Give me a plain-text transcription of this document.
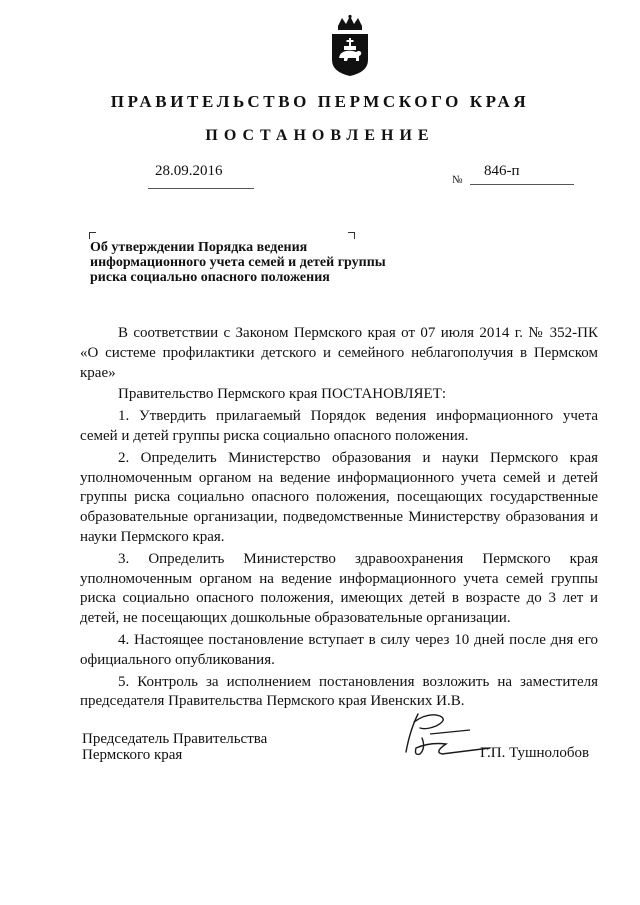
ПРАВИТЕЛЬСТВО ПЕРМСКОГО КРАЯ
ПОСТАНОВЛЕНИЕ
28.09.2016
№
846-п
Об утверждении Порядка ведения информационного учета семей и детей группы риска социально опасного положения

В соответствии с Законом Пермского края от 07 июля 2014 г. № 352-ПК «О системе профилактики детского и семейного неблагополучия в Пермском крае»

Правительство Пермского края ПОСТАНОВЛЯЕТ:

1. Утвердить прилагаемый Порядок ведения информационного учета семей и детей группы риска социально опасного положения.

2. Определить Министерство образования и науки Пермского края уполномоченным органом на ведение информационного учета семей и детей группы риска социально опасного положения, посещающих государственные образовательные организации, подведомственные Министерству образования и науки Пермского края.

3. Определить Министерство здравоохранения Пермского края уполномоченным органом на ведение информационного учета семей группы риска социально опасного положения, имеющих детей в возрасте до 3 лет и детей, не посещающих дошкольные образовательные организации.

4. Настоящее постановление вступает в силу через 10 дней после дня его официального опубликования.

5. Контроль за исполнением постановления возложить на заместителя председателя Правительства Пермского края Ивенских И.В.

Председатель Правительства
Пермского края	Г.П. Тушнолобов
